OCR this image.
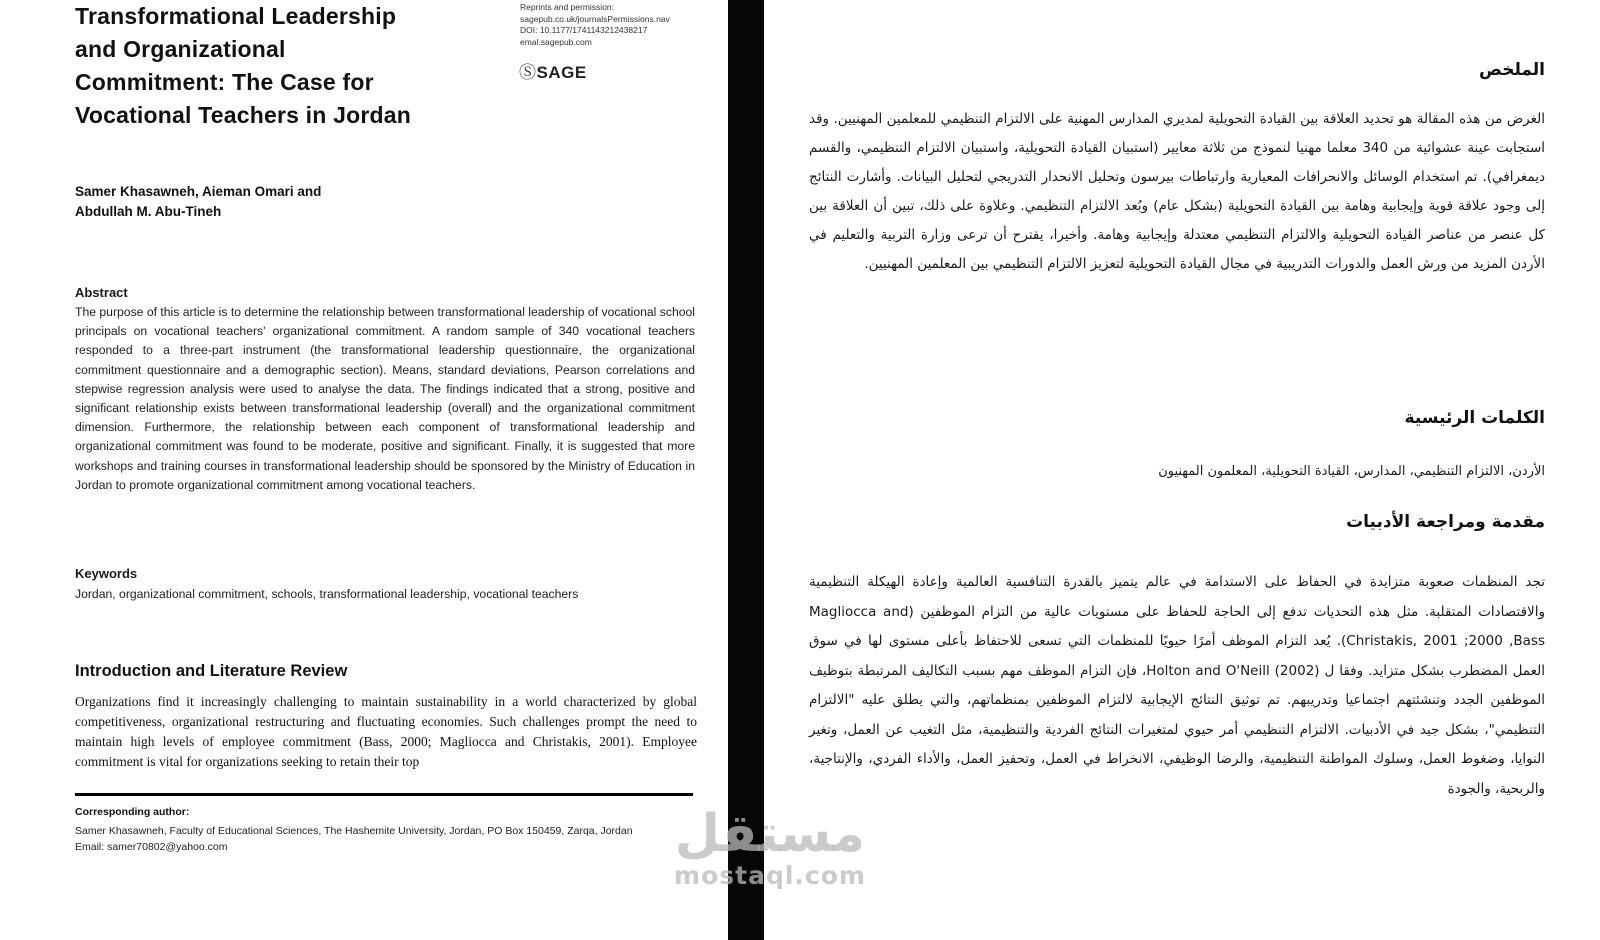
Transformational Leadership
and Organizational
Commitment: The Case for
Vocational Teachers in Jordan
Reprints and permission:
sagepub.co.uk/journalsPermissions.nav
DOI: 10.1177/1741143212438217
emal.sagepub.com
ⓈSAGE
Samer Khasawneh, Aieman Omari and
Abdullah M. Abu-Tineh
Abstract
The purpose of this article is to determine the relationship between transformational leadership of vocational school principals on vocational teachers' organizational commitment. A random sample of 340 vocational teachers responded to a three-part instrument (the transformational leadership questionnaire, the organizational commitment questionnaire and a demographic section). Means, standard deviations, Pearson correlations and stepwise regression analysis were used to analyse the data. The findings indicated that a strong, positive and significant relationship exists between transformational leadership (overall) and the organizational commitment dimension. Furthermore, the relationship between each component of transformational leadership and organizational commitment was found to be moderate, positive and significant. Finally, it is suggested that more workshops and training courses in transformational leadership should be sponsored by the Ministry of Education in Jordan to promote organizational commitment among vocational teachers.
Keywords
Jordan, organizational commitment, schools, transformational leadership, vocational teachers
Introduction and Literature Review
Organizations find it increasingly challenging to maintain sustainability in a world characterized by global competitiveness, organizational restructuring and fluctuating economies. Such challenges prompt the need to maintain high levels of employee commitment (Bass, 2000; Magliocca and Christakis, 2001). Employee commitment is vital for organizations seeking to retain their top
Corresponding author:
Samer Khasawneh, Faculty of Educational Sciences, The Hashemite University, Jordan, PO Box 150459, Zarqa, Jordan
Email: samer70802@yahoo.com
الملخص
الغرض من هذه المقالة هو تحديد العلاقة بين القيادة التحويلية لمديري المدارس المهنية على الالتزام التنظيمي للمعلمين المهنيين. وقد استجابت عينة عشوائية من 340 معلما مهنيا لنموذج من ثلاثة معايير (استبيان القيادة التحويلية، واستبيان الالتزام التنظيمي، والقسم ديمغرافي). تم استخدام الوسائل والانحرافات المعيارية وارتباطات بيرسون وتحليل الانحدار التدريجي لتحليل البيانات. وأشارت النتائج إلى وجود علاقة قوية وإيجابية وهامة بين القيادة التحويلية (بشكل عام) وبُعد الالتزام التنظيمي. وعلاوة على ذلك، تبين أن العلاقة بين كل عنصر من عناصر القيادة التحويلية والالتزام التنظيمي معتدلة وإيجابية وهامة. وأخيرا، يقترح أن ترعى وزارة التربية والتعليم في الأردن المزيد من ورش العمل والدورات التدريبية في مجال القيادة التحويلية لتعزيز الالتزام التنظيمي بين المعلمين المهنيين.
الكلمات الرئيسية
الأردن، الالتزام التنظيمي، المدارس، القيادة التحويلية، المعلمون المهنيون
مقدمة ومراجعة الأدبيات
تجد المنظمات صعوبة متزايدة في الحفاظ على الاستدامة في عالم يتميز بالقدرة التنافسية العالمية وإعادة الهيكلة التنظيمية والاقتصادات المتقلبة. مثل هذه التحديات تدفع إلى الحاجة للحفاظ على مستويات عالية من التزام الموظفين (Magliocca and Christakis, 2001 ;2000 ,Bass). يُعد التزام الموظف أمرًا حيويًا للمنظمات التي تسعى للاحتفاظ بأعلى مستوى لها في سوق العمل المضطرب بشكل متزايد. وفقا ل Holton and O'Neill (2002)، فإن التزام الموظف مهم بسبب التكاليف المرتبطة بتوظيف الموظفين الجدد وتنشئتهم اجتماعيا وتدريبهم. تم توثيق النتائج الإيجابية لالتزام الموظفين بمنظماتهم، والتي يطلق عليه "الالتزام التنظيمي"، بشكل جيد في الأدبيات. الالتزام التنظيمي أمر حيوي لمتغيرات النتائج الفردية والتنظيمية، مثل التغيب عن العمل، وتغير النوايا، وضغوط العمل، وسلوك المواطنة التنظيمية، والرضا الوظيفي، الانخراط في العمل، وتحفيز العمل، والأداء الفردي، والإنتاجية، والربحية، والجودة
مستقل
mostaql.com
